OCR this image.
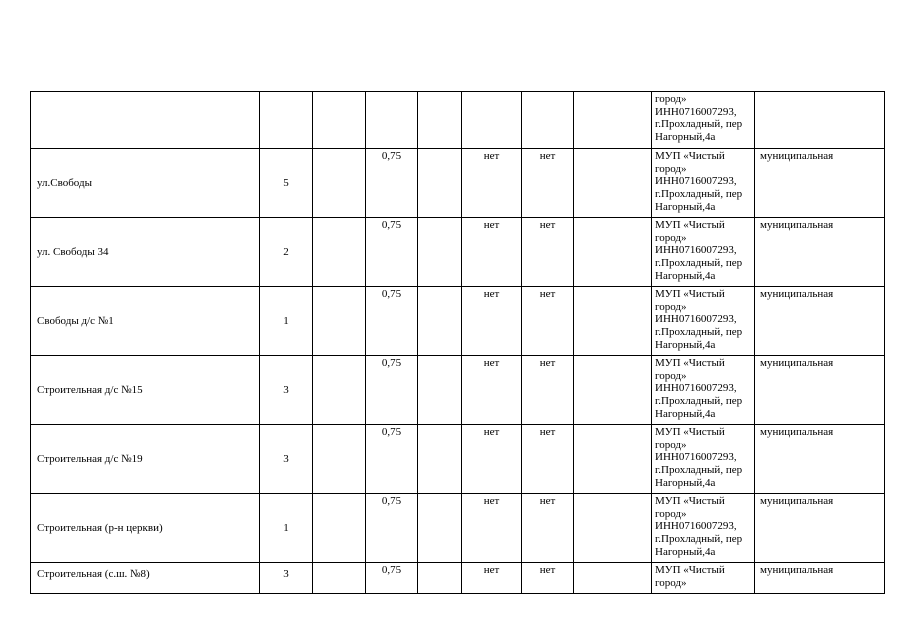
								город» ИНН0716007293, г.Прохладный, пер Нагорный,4а	
ул.Свободы	5		0,75		нет	нет		МУП «Чистый город» ИНН0716007293, г.Прохладный, пер Нагорный,4а	муниципальная
ул. Свободы 34	2		0,75		нет	нет		МУП «Чистый город» ИНН0716007293, г.Прохладный, пер Нагорный,4а	муниципальная
Свободы д/с №1	1		0,75		нет	нет		МУП «Чистый город» ИНН0716007293, г.Прохладный, пер Нагорный,4а	муниципальная
Строительная д/с №15	3		0,75		нет	нет		МУП «Чистый город» ИНН0716007293, г.Прохладный, пер Нагорный,4а	муниципальная
Строительная д/с №19	3		0,75		нет	нет		МУП «Чистый город» ИНН0716007293, г.Прохладный, пер Нагорный,4а	муниципальная
Строительная (р-н церкви)	1		0,75		нет	нет		МУП «Чистый город» ИНН0716007293, г.Прохладный, пер Нагорный,4а	муниципальная
Строительная (с.ш. №8)	3		0,75		нет	нет		МУП «Чистый город»	муниципальная
